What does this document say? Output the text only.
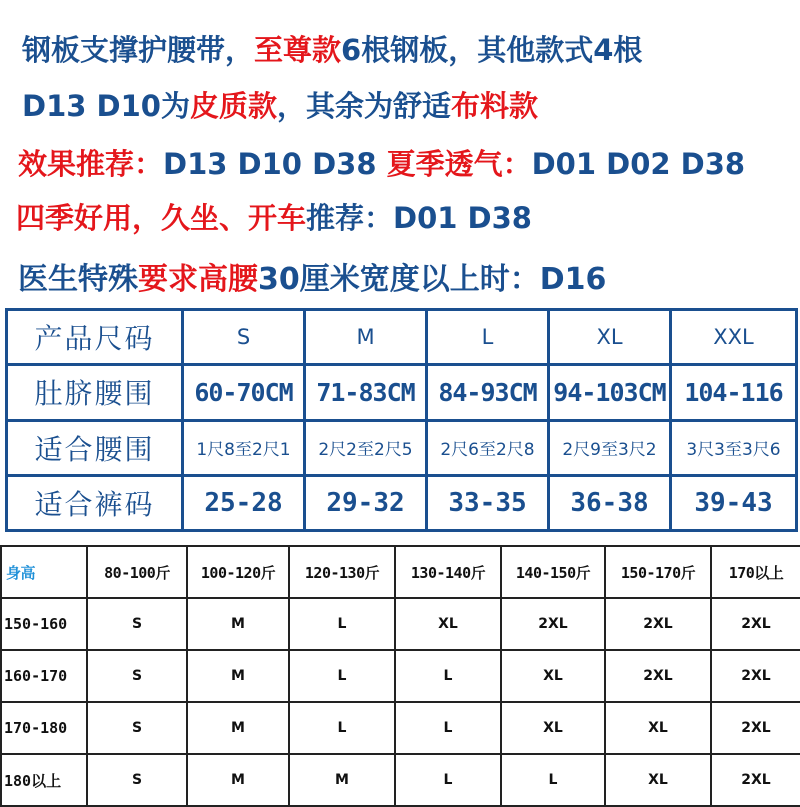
钢板支撑护腰带，至尊款6根钢板，其他款式4根
D13 D10为皮质款，其余为舒适布料款
效果推荐：D13 D10 D38 夏季透气：D01 D02 D38
四季好用，久坐、开车推荐：D01 D38
医生特殊要求高腰30厘米宽度以上时：D16
产品尺码	S	M	L	XL	XXL
肚脐腰围	60-70CM	71-83CM	84-93CM	94-103CM	104-116
适合腰围	1尺8至2尺1	2尺2至2尺5	2尺6至2尺8	2尺9至3尺2	3尺3至3尺6
适合裤码	25-28	29-32	33-35	36-38	39-43
身高	80-100斤	100-120斤	120-130斤	130-140斤	140-150斤	150-170斤	170以上
150-160	S	M	L	XL	2XL	2XL	2XL
160-170	S	M	L	L	XL	2XL	2XL
170-180	S	M	L	L	XL	XL	2XL
180以上	S	M	M	L	L	XL	2XL
